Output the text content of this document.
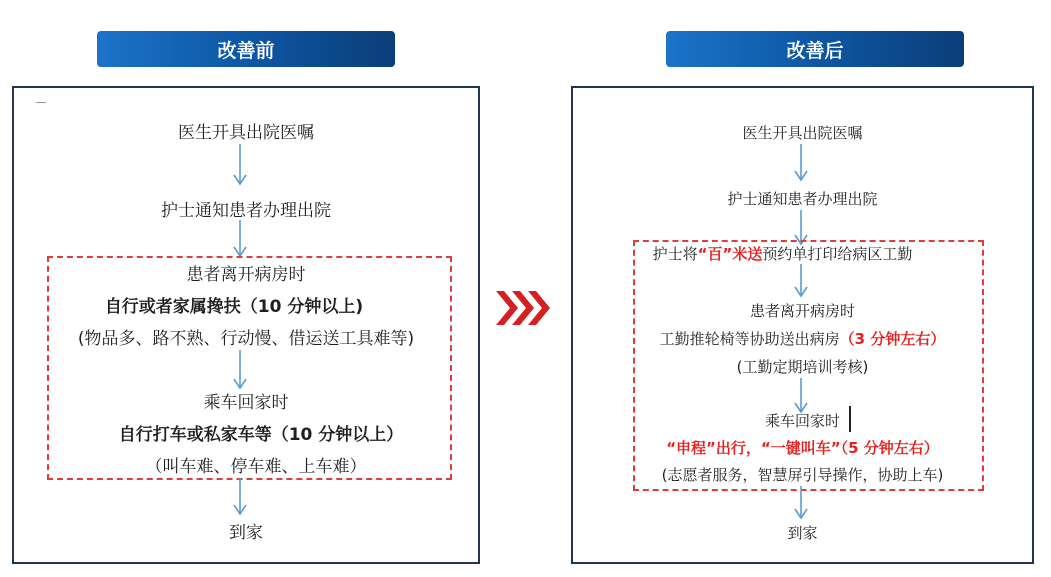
改善前	改善后
医生开具出院医嘱
护士通知患者办理出院
患者离开病房时
自行或者家属搀扶（10 分钟以上)
(物品多、路不熟、行动慢、借运送工具难等)
乘车回家时
自行打车或私家车等（10 分钟以上）
（叫车难、停车难、上车难）
到家
医生开具出院医嘱
护士通知患者办理出院
护士将“百”米送预约单打印给病区工勤
患者离开病房时
工勤推轮椅等协助送出病房（3 分钟左右）
(工勤定期培训考核)
乘车回家时
“申程”出行，“一键叫车”（5 分钟左右）
(志愿者服务，智慧屏引导操作，协助上车)
到家
